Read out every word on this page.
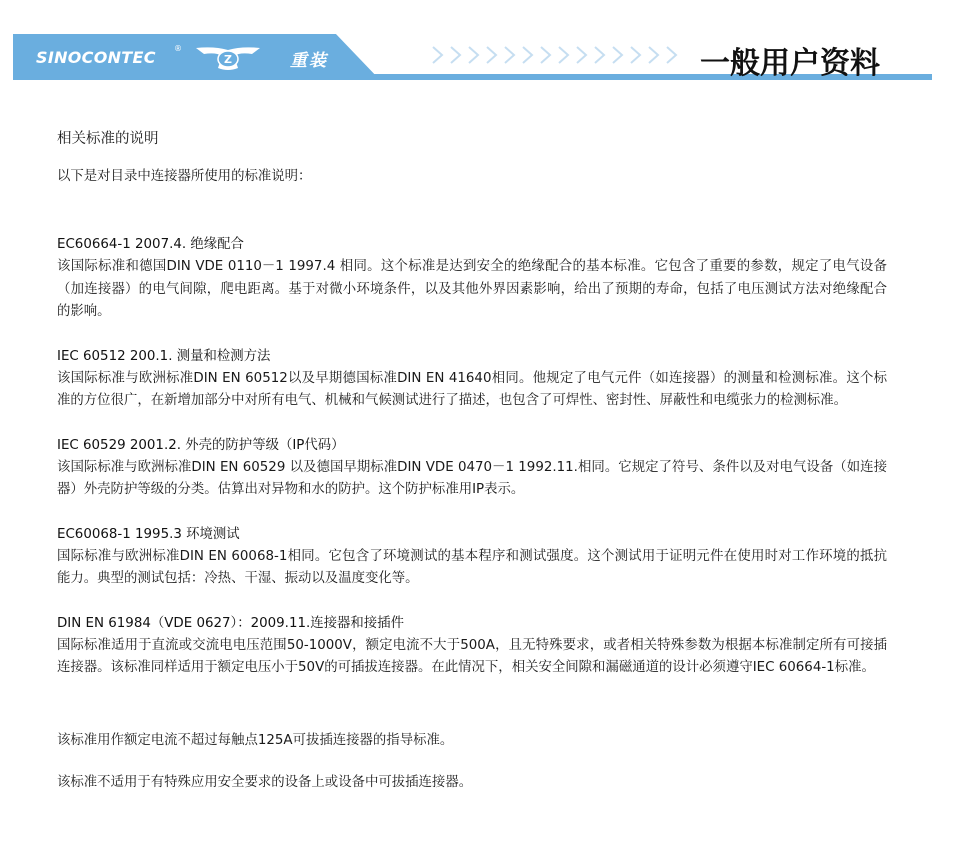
SINOCONTEC ®
Z	重装	一般用户资料

相关标准的说明

以下是对目录中连接器所使用的标准说明：

EC60664-1 2007.4. 绝缘配合
该国际标准和德国DIN VDE 0110－1 1997.4 相同。这个标准是达到安全的绝缘配合的基本标准。它包含了重要的参数，规定了电气设备（加连接器）的电气间隙，爬电距离。基于对微小环境条件，以及其他外界因素影响，给出了预期的寿命，包括了电压测试方法对绝缘配合的影响。
IEC 60512 200.1. 测量和检测方法
该国际标准与欧洲标准DIN EN 60512以及早期德国标准DIN EN 41640相同。他规定了电气元件（如连接器）的测量和检测标准。这个标准的方位很广，在新增加部分中对所有电气、机械和气候测试进行了描述，也包含了可焊性、密封性、屏蔽性和电缆张力的检测标准。
IEC 60529 2001.2. 外壳的防护等级（IP代码）
该国际标准与欧洲标准DIN EN 60529 以及德国早期标准DIN VDE 0470－1 1992.11.相同。它规定了符号、条件以及对电气设备（如连接器）外壳防护等级的分类。估算出对异物和水的防护。这个防护标准用IP表示。
EC60068-1 1995.3 环境测试
国际标准与欧洲标准DIN EN 60068-1相同。它包含了环境测试的基本程序和测试强度。这个测试用于证明元件在使用时对工作环境的抵抗能力。典型的测试包括：冷热、干湿、振动以及温度变化等。
DIN EN 61984（VDE 0627）：2009.11.连接器和接插件
国际标准适用于直流或交流电电压范围50-1000V，额定电流不大于500A，且无特殊要求，或者相关特殊参数为根据本标准制定所有可接插连接器。该标准同样适用于额定电压小于50V的可插拔连接器。在此情况下，相关安全间隙和漏磁通道的设计必须遵守IEC 60664-1标准。

该标准用作额定电流不超过每触点125A可拔插连接器的指导标准。

该标准不适用于有特殊应用安全要求的设备上或设备中可拔插连接器。
